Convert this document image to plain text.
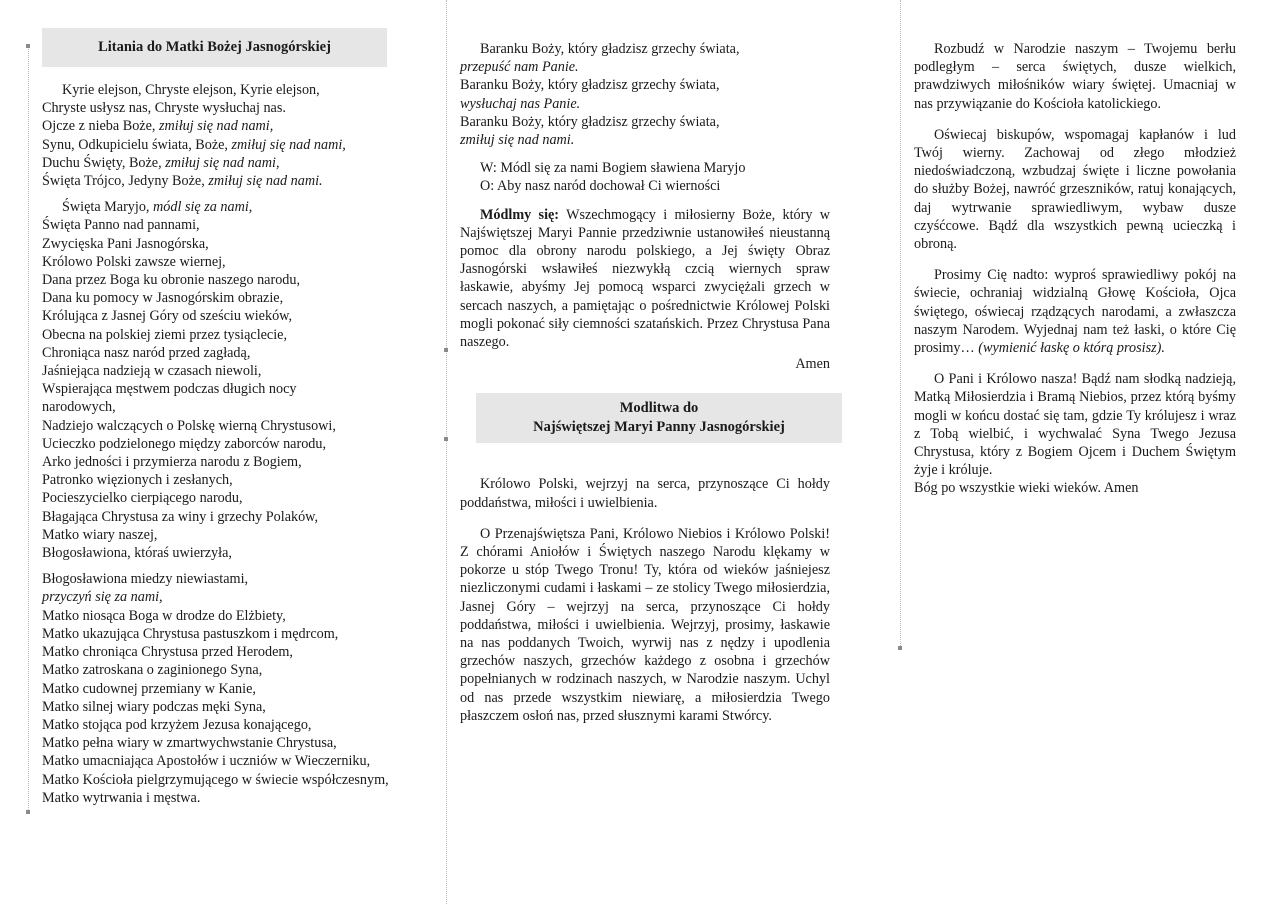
Litania do Matki Bożej Jasnogórskiej
Kyrie elejson, Chryste elejson, Kyrie elejson,
Chryste usłysz nas, Chryste wysłuchaj nas.
Ojcze z nieba Boże, zmiłuj się nad nami,
Synu, Odkupicielu świata, Boże, zmiłuj się nad nami,
Duchu Święty, Boże, zmiłuj się nad nami,
Święta Trójco, Jedyny Boże, zmiłuj się nad nami.
Święta Maryjo, módl się za nami,
Święta Panno nad pannami,
Zwycięska Pani Jasnogórska,
Królowo Polski zawsze wiernej,
Dana przez Boga ku obronie naszego narodu,
Dana ku pomocy w Jasnogórskim obrazie,
Królująca z Jasnej Góry od sześciu wieków,
Obecna na polskiej ziemi przez tysiąclecie,
Chroniąca nasz naród przed zagładą,
Jaśniejąca nadzieją w czasach niewoli,
Wspierająca męstwem podczas długich nocy
narodowych,
Nadziejo walczących o Polskę wierną Chrystusowi,
Ucieczko podzielonego między zaborców narodu,
Arko jedności i przymierza narodu z Bogiem,
Patronko więzionych i zesłanych,
Pocieszycielko cierpiącego narodu,
Błagająca Chrystusa za winy i grzechy Polaków,
Matko wiary naszej,
Błogosławiona, któraś uwierzyła,
Błogosławiona miedzy niewiastami,
przyczyń się za nami,
Matko niosąca Boga w drodze do Elżbiety,
Matko ukazująca Chrystusa pastuszkom i mędrcom,
Matko chroniąca Chrystusa przed Herodem,
Matko zatroskana o zaginionego Syna,
Matko cudownej przemiany w Kanie,
Matko silnej wiary podczas męki Syna,
Matko stojąca pod krzyżem Jezusa konającego,
Matko pełna wiary w zmartwychwstanie Chrystusa,
Matko umacniająca Apostołów i uczniów w Wieczerniku,
Matko Kościoła pielgrzymującego w świecie współczesnym,
Matko wytrwania i męstwa.
Baranku Boży, który gładzisz grzechy świata,
przepuść nam Panie.
Baranku Boży, który gładzisz grzechy świata,
wysłuchaj nas Panie.
Baranku Boży, który gładzisz grzechy świata,
zmiłuj się nad nami.
W: Módl się za nami Bogiem sławiena Maryjo
O: Aby nasz naród dochował Ci wierności

Módlmy się: Wszechmogący i miłosierny Boże, który w Najświętszej Maryi Pannie przedziwnie ustanowiłeś nieustanną pomoc dla obrony narodu polskiego, a Jej święty Obraz Jasnogórski wsławiłeś niezwykłą czcią wiernych spraw łaskawie, abyśmy Jej pomocą wsparci zwyciężali grzech w sercach naszych, a pamiętając o pośrednictwie Królowej Polski mogli pokonać siły ciemności szatańskich. Przez Chrystusa Pana naszego.

Amen
Modlitwa do
Najświętszej Maryi Panny Jasnogórskiej

Królowo Polski, wejrzyj na serca, przynoszące Ci hołdy poddaństwa, miłości i uwielbienia.

O Przenajświętsza Pani, Królowo Niebios i Królowo Polski! Z chórami Aniołów i Świętych naszego Narodu klękamy w pokorze u stóp Twego Tronu! Ty, która od wieków jaśniejesz niezliczonymi cudami i łaskami – ze stolicy Twego miłosierdzia, Jasnej Góry – wejrzyj na serca, przynoszące Ci hołdy poddaństwa, miłości i uwielbienia. Wejrzyj, prosimy, łaskawie na nas poddanych Twoich, wyrwij nas z nędzy i upodlenia grzechów naszych, grzechów każdego z osobna i grzechów popełnianych w rodzinach naszych, w Narodzie naszym. Uchyl od nas przede wszystkim niewiarę, a miłosierdzia Twego płaszczem osłoń nas, przed słusznymi karami Stwórcy.

Rozbudź w Narodzie naszym – Twojemu berłu podległym – serca świętych, dusze wielkich, prawdziwych miłośników wiary świętej. Umacniaj w nas przywiązanie do Kościoła katolickiego.

Oświecaj biskupów, wspomagaj kapłanów i lud Twój wierny. Zachowaj od złego młodzież niedoświadczoną, wzbudzaj święte i liczne powołania do służby Bożej, nawróć grzeszników, ratuj konających, daj wytrwanie sprawiedliwym, wybaw dusze czyśćcowe. Bądź dla wszystkich pewną ucieczką i obroną.

Prosimy Cię nadto: wyproś sprawiedliwy pokój na świecie, ochraniaj widzialną Głowę Kościoła, Ojca świętego, oświecaj rządzących narodami, a zwłaszcza naszym Narodem. Wyjednaj nam też łaski, o które Cię prosimy… (wymienić łaskę o którą prosisz).

O Pani i Królowo nasza! Bądź nam słodką nadzieją, Matką Miłosierdzia i Bramą Niebios, przez którą byśmy mogli w końcu dostać się tam, gdzie Ty królujesz i wraz z Tobą wielbić, i wychwalać Syna Twego Jezusa Chrystusa, który z Bogiem Ojcem i Duchem Świętym żyje i króluje.

Bóg po wszystkie wieki wieków. Amen
